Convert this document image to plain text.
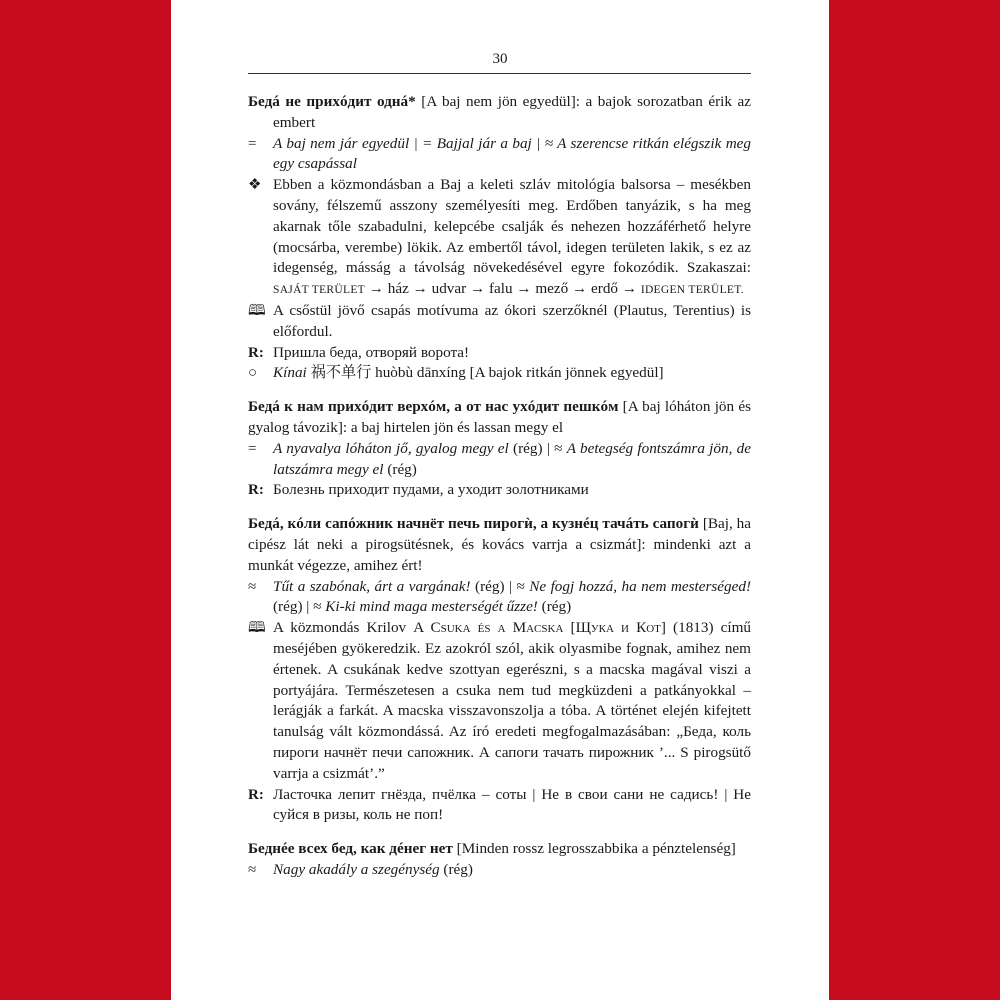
30
Бедá не прихóдит однá* [A baj nem jön egyedül]: a bajok sorozatban érik az embert
=	A baj nem jár egyedül | = Bajjal jár a baj | ≈ A szerencse ritkán elégszik meg egy csapással
❖ Ebben a közmondásban a Baj a keleti szláv mitológia balsorsa – mesékben sovány, félszemű asszony személyesíti meg. Erdőben tanyázik, s ha meg akarnak tőle szabadulni, kelepcébe csalják és nehezen hozzáférhető helyre (mocsárba, verembe) lökik. Az embertől távol, idegen területen lakik, s ez az idegenség, másság a távolság növekedésével egyre fokozódik. Szakaszai: SAJÁT TERÜLET → ház → udvar → falu → mező → erdő → IDEGEN TERÜLET.
🕮 A csőstül jövő csapás motívuma az ókori szerzőknél (Plautus, Terentius) is előfordul.
R: Пришла беда, отворяй ворота!
○	Kínai 祸不单行 huòbù dānxíng [A bajok ritkán jönnek egyedül]
Бедá к нам прихóдит верхóм, а от нас ухóдит пешкóм [A baj lóháton jön és gyalog távozik]: a baj hirtelen jön és lassan megy el
=	A nyavalya lóháton jő, gyalog megy el (rég) | ≈ A betegség fontszámra jön, de latszámra megy el (rég)
R: Болезнь приходит пудами, а уходит золотниками
Бедá, кóли сапóжник начнёт печь пирогѝ, а кузнéц тачáть сапогѝ [Baj, ha cipész lát neki a pirogsütésnek, és kovács varrja a csizmát]: mindenki azt a munkát végezze, amihez ért!
≈	Tűt a szabónak, árt a vargának! (rég) | ≈ Ne fogj hozzá, ha nem mesterséged! (rég) | ≈ Ki-ki mind maga mesterségét űzze! (rég)
🕮 A közmondás Krilov A Csuka és a Macska [Щука и Кот] (1813) című meséjében gyökeredzik. Ez azokról szól, akik olyasmibe fognak, amihez nem értenek. A csukának kedve szottyan egerészni, s a macska magával viszi a portyájára. Természetesen a csuka nem tud megküzdeni a patkányokkal – lerágják a farkát. A macska visszavonszolja a tóba. A történet elején kifejtett tanulság vált közmondássá. Az író eredeti megfogalmazásában: „Беда, коль пироги начнёт печи сапожник. А сапоги тачать пирожник ’... S pirogsütő varrja a csizmát’.”
R: Ласточка лепит гнёзда, пчёлка – соты | Не в свои сани не садись! | Не суйся в ризы, коль не поп!
Беднée всех бед, как дéнег нет [Minden rossz legrosszabbika a pénztelenség]
≈	Nagy akadály a szegénység (rég)
